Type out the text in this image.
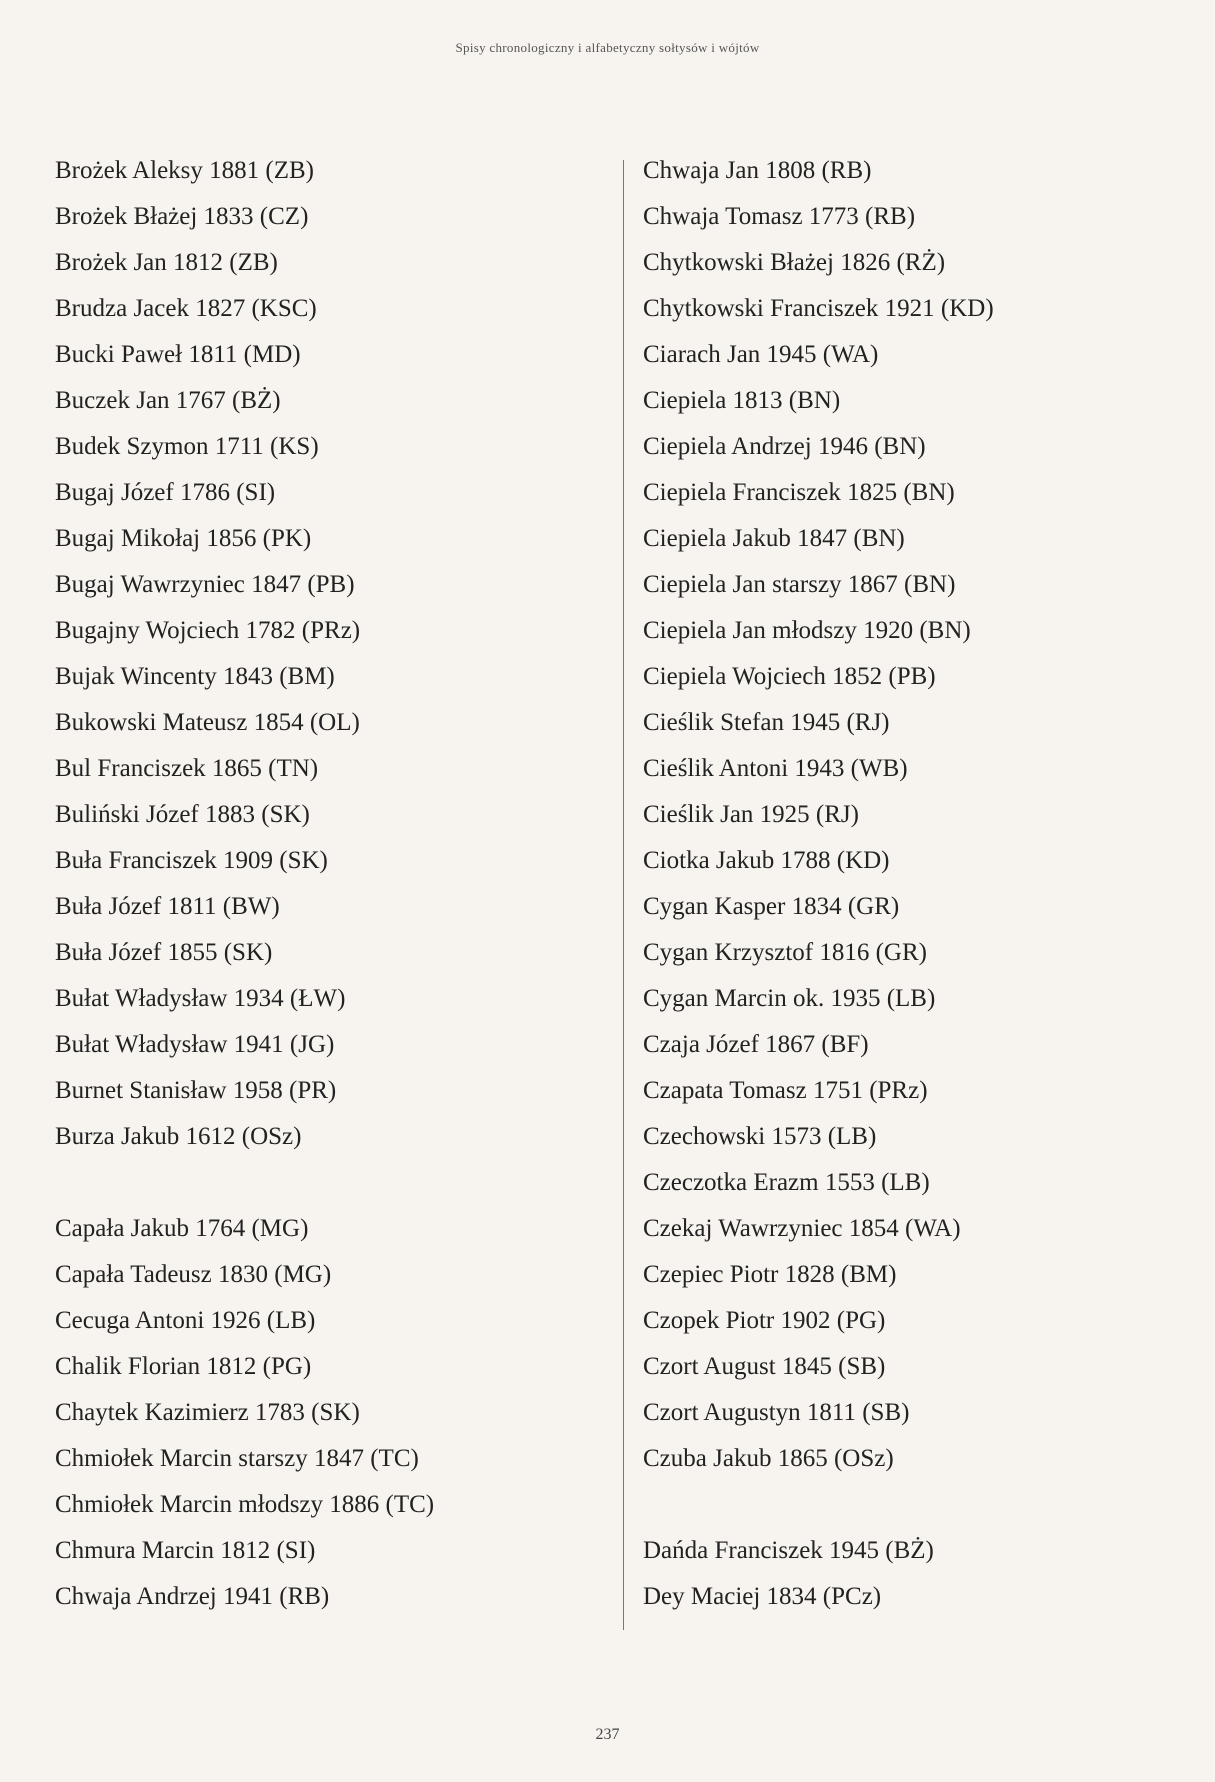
Spisy chronologiczny i alfabetyczny sołtysów i wójtów
Brożek Aleksy 1881 (ZB)
Brożek Błażej 1833 (CZ)
Brożek Jan 1812 (ZB)
Brudza Jacek 1827 (KSC)
Bucki Paweł 1811 (MD)
Buczek Jan 1767 (BŻ)
Budek Szymon 1711 (KS)
Bugaj Józef 1786 (SI)
Bugaj Mikołaj 1856 (PK)
Bugaj Wawrzyniec 1847 (PB)
Bugajny Wojciech 1782 (PRz)
Bujak Wincenty 1843 (BM)
Bukowski Mateusz 1854 (OL)
Bul Franciszek 1865 (TN)
Buliński Józef 1883 (SK)
Buła Franciszek 1909 (SK)
Buła Józef 1811 (BW)
Buła Józef 1855 (SK)
Bułat Władysław 1934 (ŁW)
Bułat Władysław 1941 (JG)
Burnet Stanisław 1958 (PR)
Burza Jakub 1612 (OSz)
Capała Jakub 1764 (MG)
Capała Tadeusz 1830 (MG)
Cecuga Antoni 1926 (LB)
Chalik Florian 1812 (PG)
Chaytek Kazimierz 1783 (SK)
Chmiołek Marcin starszy 1847 (TC)
Chmiołek Marcin młodszy 1886 (TC)
Chmura Marcin 1812 (SI)
Chwaja Andrzej 1941 (RB)
Chwaja Jan 1808 (RB)
Chwaja Tomasz 1773 (RB)
Chytkowski Błażej 1826 (RŻ)
Chytkowski Franciszek 1921 (KD)
Ciarach Jan 1945 (WA)
Ciepiela 1813 (BN)
Ciepiela Andrzej 1946 (BN)
Ciepiela Franciszek 1825 (BN)
Ciepiela Jakub 1847 (BN)
Ciepiela Jan starszy 1867 (BN)
Ciepiela Jan młodszy 1920 (BN)
Ciepiela Wojciech 1852 (PB)
Cieślik Stefan 1945 (RJ)
Cieślik Antoni 1943 (WB)
Cieślik Jan 1925 (RJ)
Ciotka Jakub 1788 (KD)
Cygan Kasper 1834 (GR)
Cygan Krzysztof 1816 (GR)
Cygan Marcin ok. 1935 (LB)
Czaja Józef 1867 (BF)
Czapata Tomasz 1751 (PRz)
Czechowski 1573 (LB)
Czeczotka Erazm 1553 (LB)
Czekaj Wawrzyniec 1854 (WA)
Czepiec Piotr 1828 (BM)
Czopek Piotr 1902 (PG)
Czort August 1845 (SB)
Czort Augustyn 1811 (SB)
Czuba Jakub 1865 (OSz)
Dańda Franciszek 1945 (BŻ)
Dey Maciej 1834 (PCz)
237
